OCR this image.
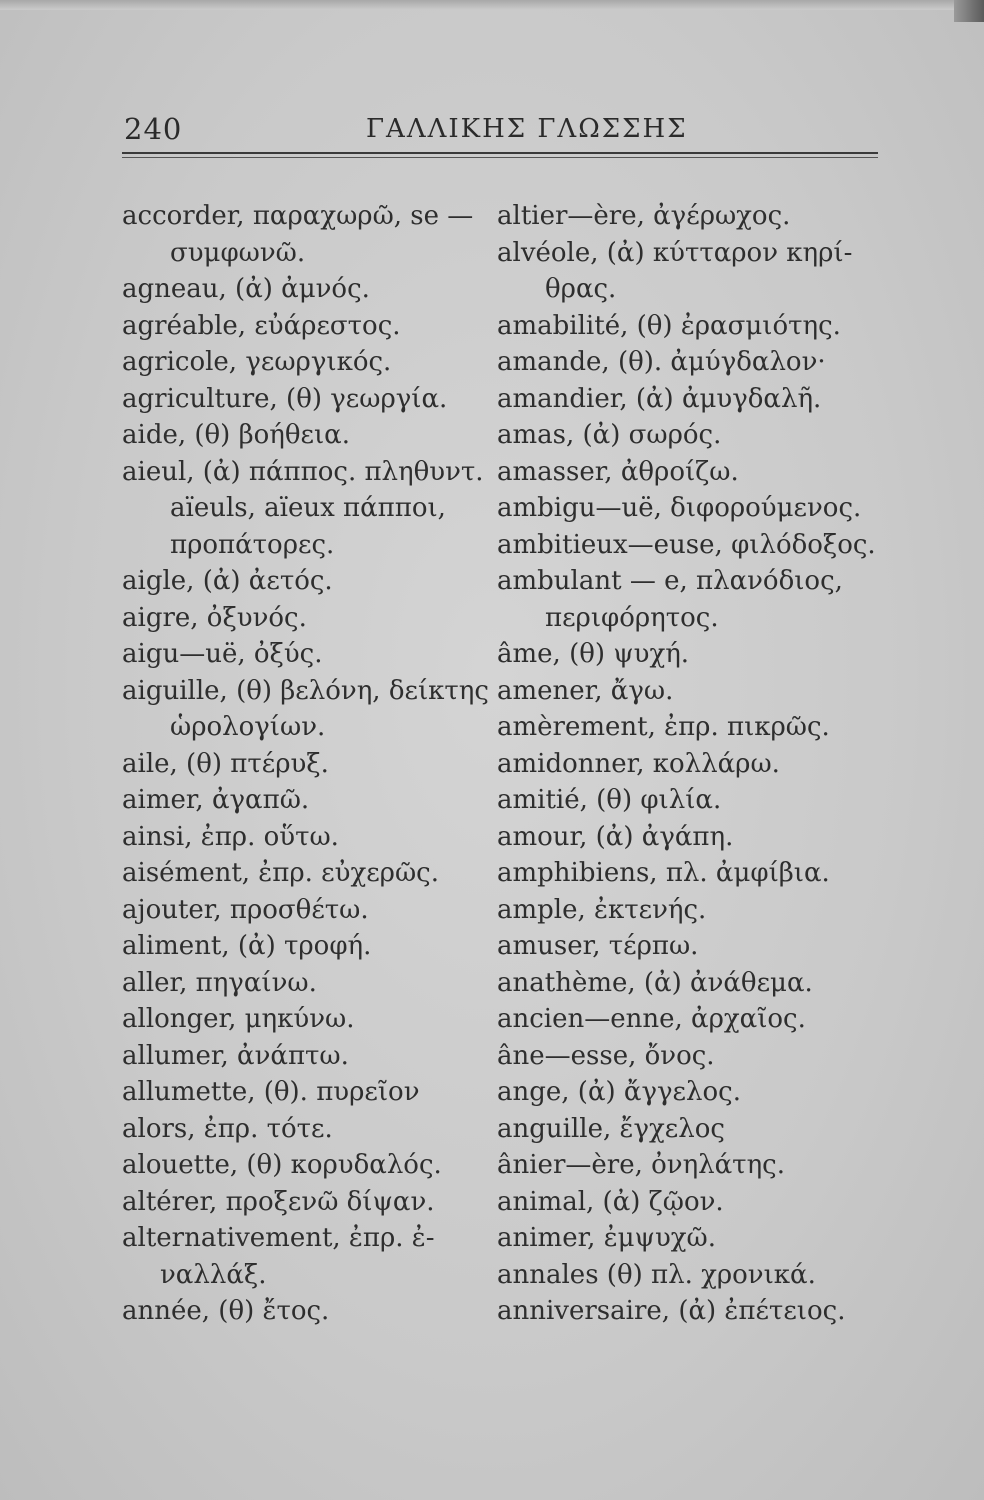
240	ΓΑΛΛΙΚΗΣ ΓΛΩΣΣΗΣ
accorder, παραχωρῶ, se —
συμφωνῶ.
agneau, (ἀ) ἀμνός.
agréable, εὐάρεστος.
agricole, γεωργικός.
agriculture, (θ) γεωργία.
aide, (θ) βοήθεια.
aieul, (ἀ) πάππος. πληθυντ.
aïeuls, aïeux πάπποι,
προπάτορες.
aigle, (ἀ) ἀετός.
aigre, ὀξυνός.
aigu—uë, ὀξύς.
aiguille, (θ) βελόνη, δείκτης
ὡρολογίων.
aile, (θ) πτέρυξ.
aimer, ἀγαπῶ.
ainsi, ἐπρ. οὕτω.
aisément, ἐπρ. εὐχερῶς.
ajouter, προσθέτω.
aliment, (ἀ) τροφή.
aller, πηγαίνω.
allonger, μηκύνω.
allumer, ἀνάπτω.
allumette, (θ). πυρεῖον
alors, ἐπρ. τότε.
alouette, (θ) κορυδαλός.
altérer, προξενῶ δίψαν.
alternativement, ἐπρ. ἐ-
ναλλάξ.
année, (θ) ἔτος.
altier—ère, ἀγέρωχος.
alvéole, (ἀ) κύτταρον κηρί-
θρας.
amabilité, (θ) ἐρασμιότης.
amande, (θ). ἀμύγδαλον·
amandier, (ἀ) ἀμυγδαλῆ.
amas, (ἀ) σωρός.
amasser, ἀθροίζω.
ambigu—uë, διφορούμενος.
ambitieux—euse, φιλόδοξος.
ambulant — e, πλανόδιος,
περιφόρητος.
âme, (θ) ψυχή.
amener, ἄγω.
amèrement, ἐπρ. πικρῶς.
amidonner, κολλάρω.
amitié, (θ) φιλία.
amour, (ἀ) ἀγάπη.
amphibiens, πλ. ἀμφίβια.
ample, ἐκτενής.
amuser, τέρπω.
anathème, (ἀ) ἀνάθεμα.
ancien—enne, ἀρχαῖος.
âne—esse, ὄνος.
ange, (ἀ) ἄγγελος.
anguille, ἔγχελος
ânier—ère, ὀνηλάτης.
animal, (ἀ) ζῷον.
animer, ἐμψυχῶ.
annales (θ) πλ. χρονικά.
anniversaire, (ἀ) ἐπέτειος.
